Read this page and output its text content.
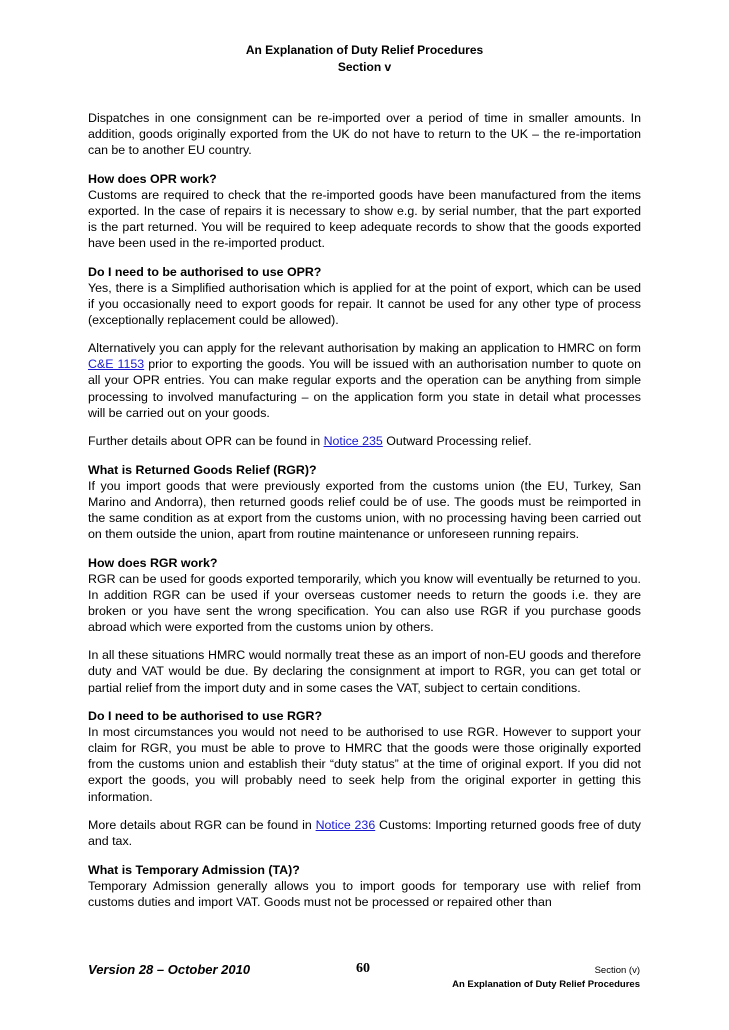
An Explanation of Duty Relief Procedures
Section v

Dispatches in one consignment can be re-imported over a period of time in smaller amounts. In addition, goods originally exported from the UK do not have to return to the UK – the re-importation can be to another EU country.

How does OPR work?
Customs are required to check that the re-imported goods have been manufactured from the items exported. In the case of repairs it is necessary to show e.g. by serial number, that the part exported is the part returned. You will be required to keep adequate records to show that the goods exported have been used in the re-imported product.

Do I need to be authorised to use OPR?
Yes, there is a Simplified authorisation which is applied for at the point of export, which can be used if you occasionally need to export goods for repair. It cannot be used for any other type of process (exceptionally replacement could be allowed).

Alternatively you can apply for the relevant authorisation by making an application to HMRC on form C&E 1153 prior to exporting the goods. You will be issued with an authorisation number to quote on all your OPR entries. You can make regular exports and the operation can be anything from simple processing to involved manufacturing – on the application form you state in detail what processes will be carried out on your goods.

Further details about OPR can be found in Notice 235 Outward Processing relief.

What is Returned Goods Relief (RGR)?
If you import goods that were previously exported from the customs union (the EU, Turkey, San Marino and Andorra), then returned goods relief could be of use. The goods must be reimported in the same condition as at export from the customs union, with no processing having been carried out on them outside the union, apart from routine maintenance or unforeseen running repairs.

How does RGR work?
RGR can be used for goods exported temporarily, which you know will eventually be returned to you. In addition RGR can be used if your overseas customer needs to return the goods i.e. they are broken or you have sent the wrong specification. You can also use RGR if you purchase goods abroad which were exported from the customs union by others.

In all these situations HMRC would normally treat these as an import of non-EU goods and therefore duty and VAT would be due. By declaring the consignment at import to RGR, you can get total or partial relief from the import duty and in some cases the VAT, subject to certain conditions.

Do I need to be authorised to use RGR?
In most circumstances you would not need to be authorised to use RGR. However to support your claim for RGR, you must be able to prove to HMRC that the goods were those originally exported from the customs union and establish their “duty status” at the time of original export. If you did not export the goods, you will probably need to seek help from the original exporter in getting this information.

More details about RGR can be found in Notice 236 Customs: Importing returned goods free of duty and tax.

What is Temporary Admission (TA)?
Temporary Admission generally allows you to import goods for temporary use with relief from customs duties and import VAT. Goods must not be processed or repaired other than

Version 28 – October 2010	60	Section (v)
An Explanation of Duty Relief Procedures
